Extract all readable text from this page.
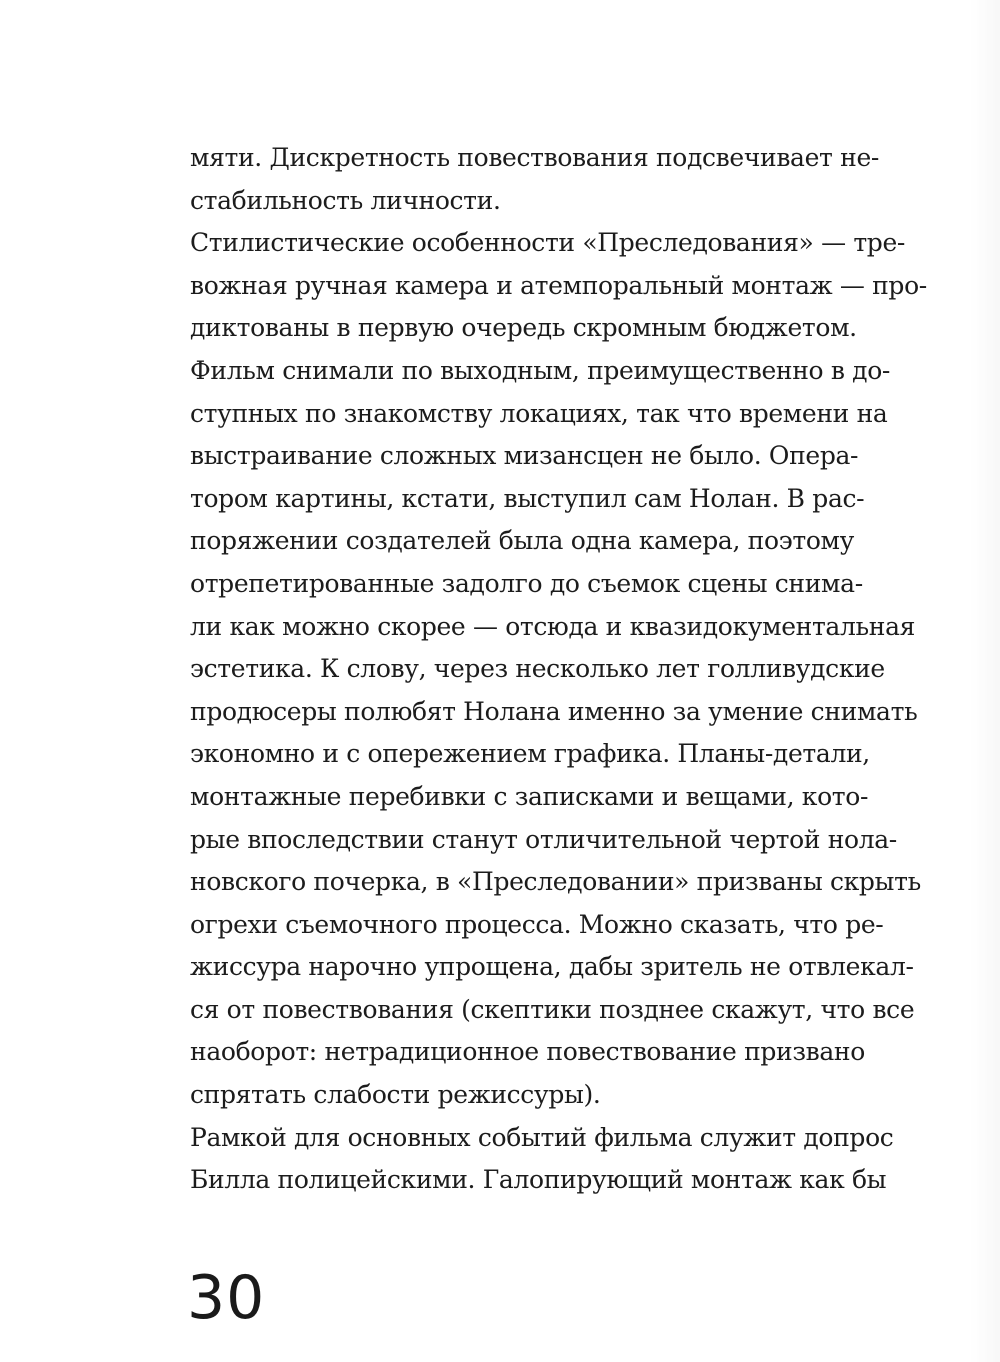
мяти. Дискретность повествования подсвечивает не-
стабильность личности.
Стилистические особенности «Преследования» — тре-
вожная ручная камера и атемпоральный монтаж — про-
диктованы в первую очередь скромным бюджетом.
Фильм снимали по выходным, преимущественно в до-
ступных по знакомству локациях, так что времени на
выстраивание сложных мизансцен не было. Опера-
тором картины, кстати, выступил сам Нолан. В рас-
поряжении создателей была одна камера, поэтому
отрепетированные задолго до съемок сцены снима-
ли как можно скорее — отсюда и квазидокументальная
эстетика. К слову, через несколько лет голливудские
продюсеры полюбят Нолана именно за умение снимать
экономно и с опережением графика. Планы-детали,
монтажные перебивки с записками и вещами, кото-
рые впоследствии станут отличительной чертой нола-
новского почерка, в «Преследовании» призваны скрыть
огрехи съемочного процесса. Можно сказать, что ре-
жиссура нарочно упрощена, дабы зритель не отвлекал-
ся от повествования (скептики позднее скажут, что все
наоборот: нетрадиционное повествование призвано
спрятать слабости режиссуры).
Рамкой для основных событий фильма служит допрос
Билла полицейскими. Галопирующий монтаж как бы
30
